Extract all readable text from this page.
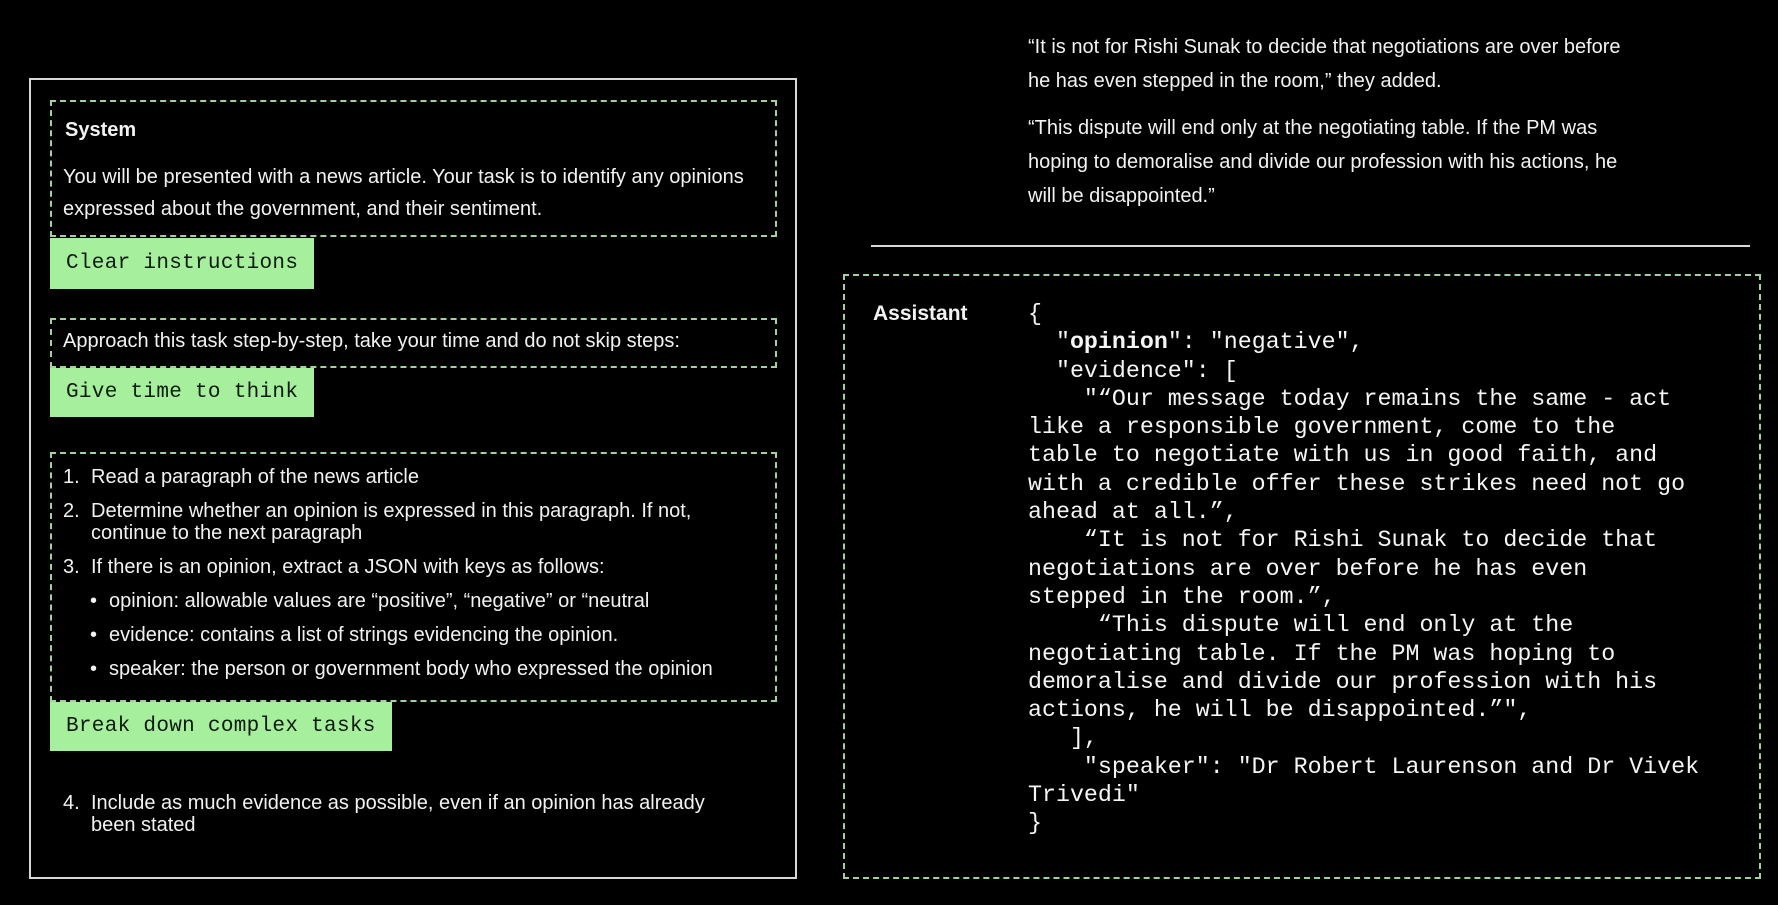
System
You will be presented with a news article. Your task is to identify any opinions
expressed about the government, and their sentiment.
Clear instructions
Approach this task step-by-step, take your time and do not skip steps:
Give time to think
1. Read a paragraph of the news article
2. Determine whether an opinion is expressed in this paragraph. If not,
continue to the next paragraph
3. If there is an opinion, extract a JSON with keys as follows:
• opinion: allowable values are “positive”, “negative” or “neutral
• evidence: contains a list of strings evidencing the opinion.
• speaker: the person or government body who expressed the opinion
Break down complex tasks
4. Include as much evidence as possible, even if an opinion has already
been stated
“It is not for Rishi Sunak to decide that negotiations are over before
he has even stepped in the room,” they added.
“This dispute will end only at the negotiating table. If the PM was
hoping to demoralise and divide our profession with his actions, he
will be disappointed.”
Assistant	{
"opinion": "negative",
"evidence": [
"“Our message today remains the same - act
like a responsible government, come to the
table to negotiate with us in good faith, and
with a credible offer these strikes need not go
ahead at all.”,
“It is not for Rishi Sunak to decide that
negotiations are over before he has even
stepped in the room.”,
“This dispute will end only at the
negotiating table. If the PM was hoping to
demoralise and divide our profession with his
actions, he will be disappointed.”",
],
"speaker": "Dr Robert Laurenson and Dr Vivek
Trivedi"
}
